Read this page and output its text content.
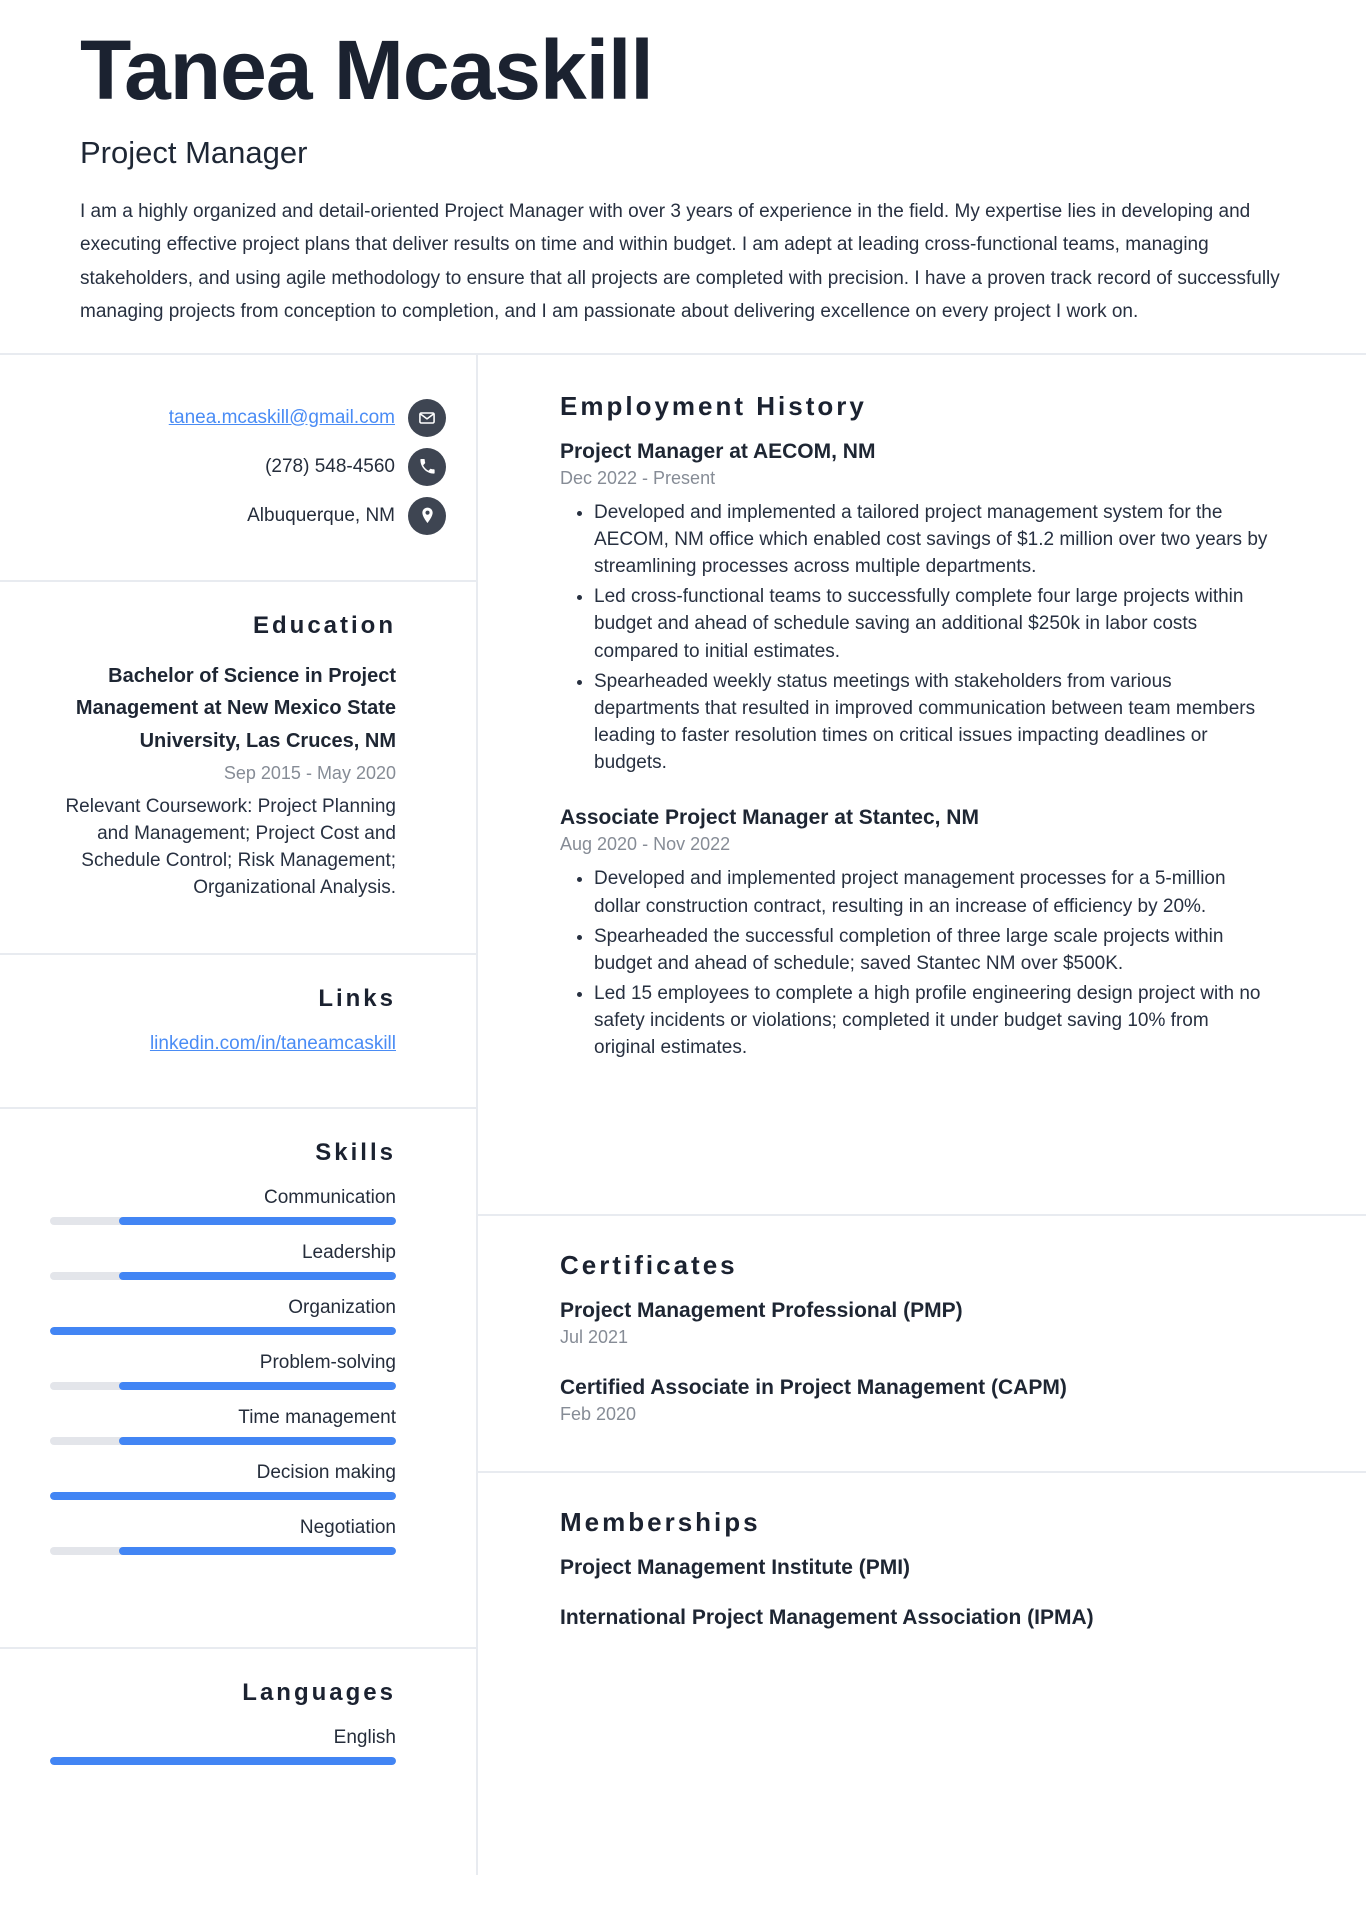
Tanea Mcaskill
Project Manager

I am a highly organized and detail-oriented Project Manager with over 3 years of experience in the field. My expertise lies in developing and executing effective project plans that deliver results on time and within budget. I am adept at leading cross-functional teams, managing stakeholders, and using agile methodology to ensure that all projects are completed with precision. I have a proven track record of successfully managing projects from conception to completion, and I am passionate about delivering excellence on every project I work on.

tanea.mcaskill@gmail.com
(278) 548-4560
Albuquerque, NM
Education
Bachelor of Science in Project Management at New Mexico State University, Las Cruces, NM
Sep 2015 - May 2020
Relevant Coursework: Project Planning and Management; Project Cost and Schedule Control; Risk Management; Organizational Analysis.
Links
linkedin.com/in/taneamcaskill
Skills
Communication
Leadership
Organization
Problem-solving
Time management
Decision making
Negotiation
Languages
English
Employment History
Project Manager at AECOM, NM
Dec 2022 - Present
• Developed and implemented a tailored project management system for the AECOM, NM office which enabled cost savings of $1.2 million over two years by streamlining processes across multiple departments.
• Led cross-functional teams to successfully complete four large projects within budget and ahead of schedule saving an additional $250k in labor costs compared to initial estimates.
• Spearheaded weekly status meetings with stakeholders from various departments that resulted in improved communication between team members leading to faster resolution times on critical issues impacting deadlines or budgets.
Associate Project Manager at Stantec, NM
Aug 2020 - Nov 2022
• Developed and implemented project management processes for a 5-million dollar construction contract, resulting in an increase of efficiency by 20%.
• Spearheaded the successful completion of three large scale projects within budget and ahead of schedule; saved Stantec NM over $500K.
• Led 15 employees to complete a high profile engineering design project with no safety incidents or violations; completed it under budget saving 10% from original estimates.
Certificates
Project Management Professional (PMP)
Jul 2021
Certified Associate in Project Management (CAPM)
Feb 2020
Memberships
Project Management Institute (PMI)
International Project Management Association (IPMA)
